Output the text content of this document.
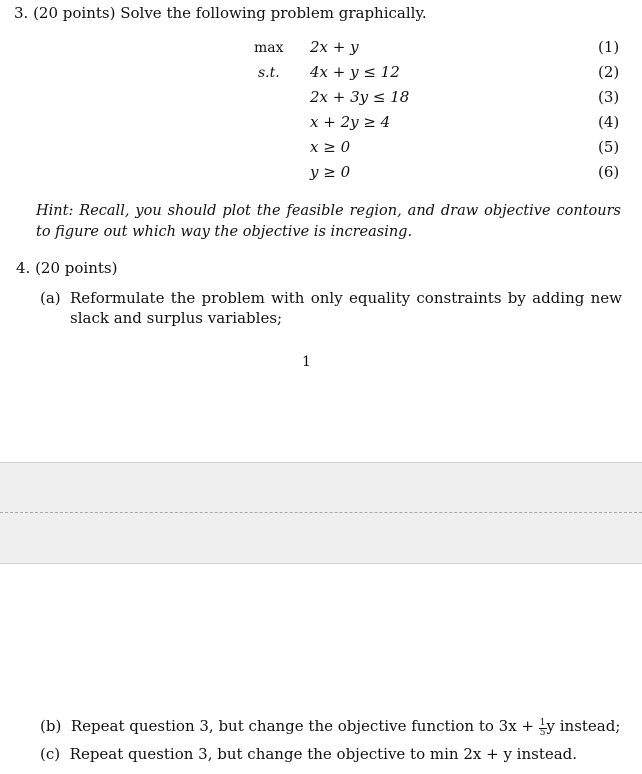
3. (20 points) Solve the following problem graphically.
max
s.t.
2x + y
4x + y ≤ 12
2x + 3y ≤ 18
x + 2y ≥ 4
x ≥ 0
y ≥ 0
(1)
(2)
(3)
(4)
(5)
(6)
Hint: Recall, you should plot the feasible region, and draw objective contours to figure out which way the objective is increasing.
4. (20 points)
(a) Reformulate the problem with only equality constraints by adding new slack and surplus variables;
1
(b) Repeat question 3, but change the objective function to $3x + \frac{1}{5}$ y instead;
(c) Repeat question 3, but change the objective to min 2x + y instead.
